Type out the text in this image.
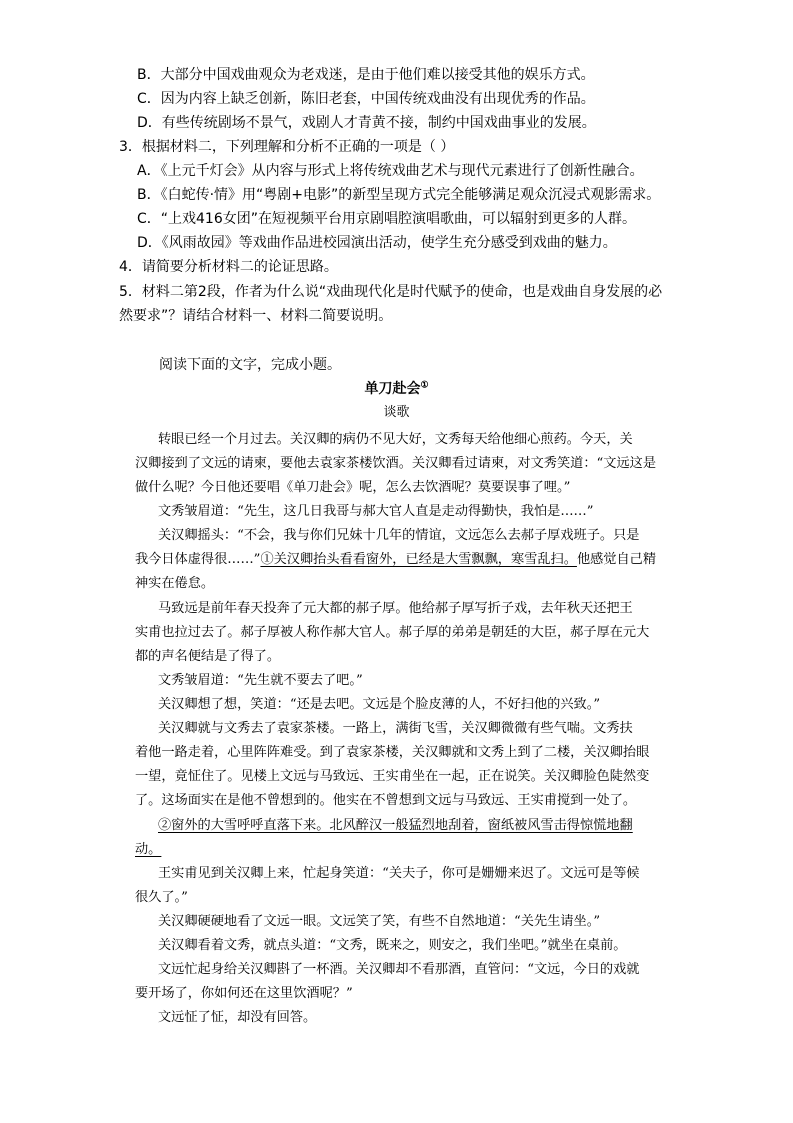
B．大部分中国戏曲观众为老戏迷，是由于他们难以接受其他的娱乐方式。
C．因为内容上缺乏创新，陈旧老套，中国传统戏曲没有出现优秀的作品。
D．有些传统剧场不景气，戏剧人才青黄不接，制约中国戏曲事业的发展。
3．根据材料二，下列理解和分析不正确的一项是（ ）
A．《上元千灯会》从内容与形式上将传统戏曲艺术与现代元素进行了创新性融合。
B．《白蛇传·情》用“粤剧+电影”的新型呈现方式完全能够满足观众沉浸式观影需求。
C．“上戏416女团”在短视频平台用京剧唱腔演唱歌曲，可以辐射到更多的人群。
D．《风雨故园》等戏曲作品进校园演出活动，使学生充分感受到戏曲的魅力。
4．请简要分析材料二的论证思路。
5．材料二第2段，作者为什么说“戏曲现代化是时代赋予的使命，也是戏曲自身发展的必
然要求”？请结合材料一、材料二简要说明。
阅读下面的文字，完成小题。
单刀赴会①
谈歌
转眼已经一个月过去。关汉卿的病仍不见大好，文秀每天给他细心煎药。今天，关
汉卿接到了文远的请柬，要他去袁家茶楼饮酒。关汉卿看过请柬，对文秀笑道：“文远这是
做什么呢？今日他还要唱《单刀赴会》呢，怎么去饮酒呢？莫要误事了哩。”
文秀皱眉道：“先生，这几日我哥与郝大官人直是走动得勤快，我怕是……”
关汉卿摇头：“不会，我与你们兄妹十几年的情谊，文远怎么去郝子厚戏班子。只是
我今日体虚得很……”①关汉卿抬头看看窗外，已经是大雪飘飘，寒雪乱扫。他感觉自己精
神实在倦怠。
马致远是前年春天投奔了元大都的郝子厚。他给郝子厚写折子戏，去年秋天还把王
实甫也拉过去了。郝子厚被人称作郝大官人。郝子厚的弟弟是朝廷的大臣，郝子厚在元大
都的声名便结是了得了。
文秀皱眉道：“先生就不要去了吧。”
关汉卿想了想，笑道：“还是去吧。文远是个脸皮薄的人，不好扫他的兴致。”
关汉卿就与文秀去了袁家茶楼。一路上，满街飞雪，关汉卿微微有些气喘。文秀扶
着他一路走着，心里阵阵难受。到了袁家茶楼，关汉卿就和文秀上到了二楼，关汉卿抬眼
一望，竟怔住了。见楼上文远与马致远、王实甫坐在一起，正在说笑。关汉卿脸色陡然变
了。这场面实在是他不曾想到的。他实在不曾想到文远与马致远、王实甫搅到一处了。
②窗外的大雪呼呼直落下来。北风醉汉一般猛烈地刮着，窗纸被风雪击得惊慌地翻
动。
王实甫见到关汉卿上来，忙起身笑道：“关夫子，你可是姗姗来迟了。文远可是等候
很久了。”
关汉卿硬硬地看了文远一眼。文远笑了笑，有些不自然地道：“关先生请坐。”
关汉卿看着文秀，就点头道：“文秀，既来之，则安之，我们坐吧。”就坐在桌前。
文远忙起身给关汉卿斟了一杯酒。关汉卿却不看那酒，直管问：“文远，今日的戏就
要开场了，你如何还在这里饮酒呢？”
文远怔了怔，却没有回答。
